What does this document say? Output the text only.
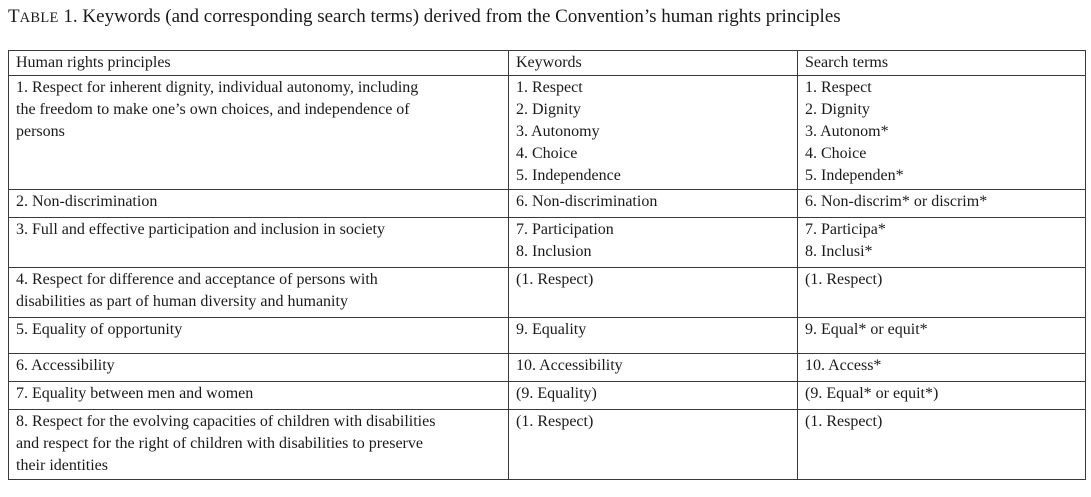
TABLE 1. Keywords (and corresponding search terms) derived from the Convention’s human rights principles
Human rights principles	Keywords	Search terms

1. Respect for inherent dignity, individual autonomy, including
the freedom to make one’s own choices, and independence of
persons	1. Respect
2. Dignity
3. Autonomy
4. Choice
5. Independence	1. Respect
2. Dignity
3. Autonom*
4. Choice
5. Independen*

2. Non-discrimination	6. Non-discrimination	6. Non-discrim* or discrim*

3. Full and effective participation and inclusion in society	7. Participation
8. Inclusion	7. Participa*
8. Inclusi*

4. Respect for difference and acceptance of persons with
disabilities as part of human diversity and humanity	(1. Respect)	(1. Respect)

5. Equality of opportunity	9. Equality	9. Equal* or equit*

6. Accessibility	10. Accessibility	10. Access*

7. Equality between men and women	(9. Equality)	(9. Equal* or equit*)

8. Respect for the evolving capacities of children with disabilities
and respect for the right of children with disabilities to preserve
their identities	(1. Respect)	(1. Respect)
